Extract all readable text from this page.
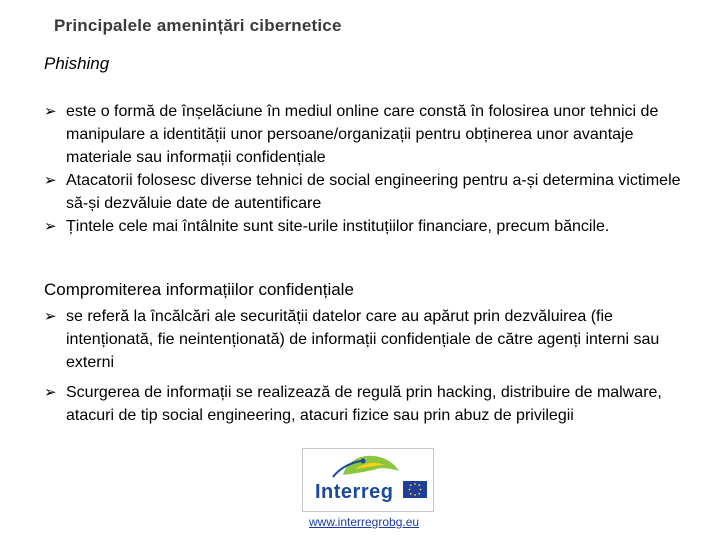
Principalele amenințări cibernetice
Phishing
➢ este o formă de înșelăciune în mediul online care constă în folosirea unor tehnici de manipulare a identității unor persoane/organizații pentru obținerea unor avantaje materiale sau informații confidențiale
➢ Atacatorii folosesc diverse tehnici de social engineering pentru a-și determina victimele să-și dezvăluie date de autentificare
➢ Țintele cele mai întâlnite sunt site-urile instituțiilor financiare, precum băncile.
Compromiterea informațiilor confidențiale
➢ se referă la încălcări ale securității datelor care au apărut prin dezvăluirea (fie intenționată, fie neintenționată) de informații confidențiale de către agenți interni sau externi
➢ Scurgerea de informații se realizează de regulă prin hacking, distribuire de malware, atacuri de tip social engineering, atacuri fizice sau prin abuz de privilegii
Interreg
www.interregrobg.eu
